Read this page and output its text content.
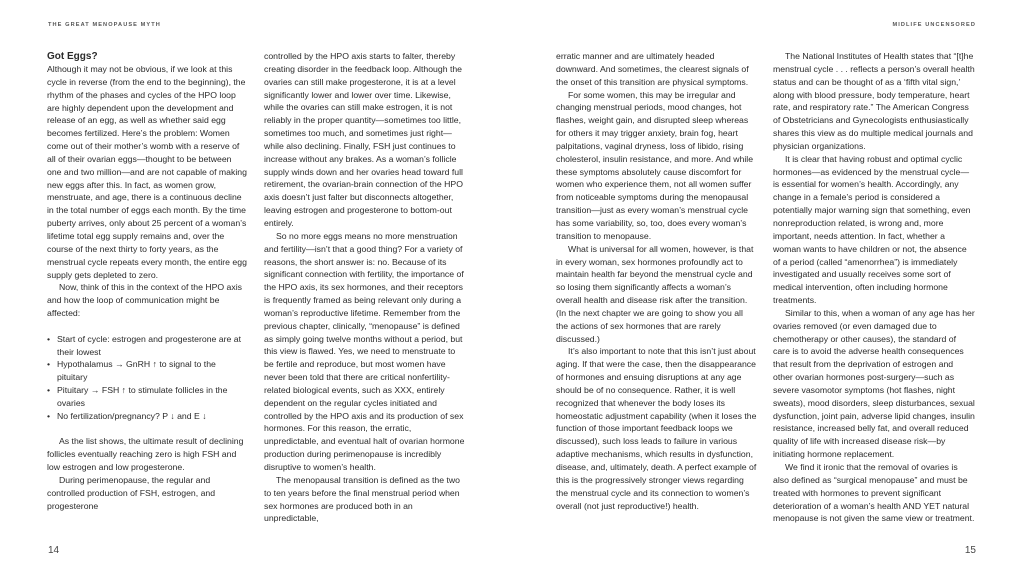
THE GREAT MENOPAUSE MYTH	MIDLIFE UNCENSORED

Got Eggs?

Although it may not be obvious, if we look at this cycle in reverse (from the end to the beginning), the rhythm of the phases and cycles of the HPO loop are highly dependent upon the development and release of an egg, as well as whether said egg becomes fertilized. Here’s the problem: Women come out of their mother’s womb with a reserve of all of their ovarian eggs—thought to be between one and two million—and are not capable of making new eggs after this. In fact, as women grow, menstruate, and age, there is a continuous decline in the total number of eggs each month. By the time puberty arrives, only about 25 percent of a woman’s lifetime total egg supply remains and, over the course of the next thirty to forty years, as the menstrual cycle repeats every month, the entire egg supply gets depleted to zero.

Now, think of this in the context of the HPO axis and how the loop of communication might be affected:

• Start of cycle: estrogen and progesterone are at their lowest
• Hypothalamus → GnRH ↑ to signal to the pituitary
• Pituitary → FSH ↑ to stimulate follicles in the ovaries
• No fertilization/pregnancy? P ↓ and E ↓

As the list shows, the ultimate result of declining follicles eventually reaching zero is high FSH and low estrogen and low progesterone.

During perimenopause, the regular and controlled production of FSH, estrogen, and progesterone

controlled by the HPO axis starts to falter, thereby creating disorder in the feedback loop. Although the ovaries can still make progesterone, it is at a level significantly lower and lower over time. Likewise, while the ovaries can still make estrogen, it is not reliably in the proper quantity—sometimes too little, sometimes too much, and sometimes just right—while also declining. Finally, FSH just continues to increase without any brakes. As a woman’s follicle supply winds down and her ovaries head toward full retirement, the ovarian-brain connection of the HPO axis doesn’t just falter but disconnects altogether, leaving estrogen and progesterone to bottom-out entirely.

So no more eggs means no more menstruation and fertility—isn’t that a good thing? For a variety of reasons, the short answer is: no. Because of its significant connection with fertility, the importance of the HPO axis, its sex hormones, and their receptors is frequently framed as being relevant only during a woman’s reproductive lifetime. Remember from the previous chapter, clinically, “menopause” is defined as simply going twelve months without a period, but this view is flawed. Yes, we need to menstruate to be fertile and reproduce, but most women have never been told that there are critical nonfertility-related biological events, such as XXX, entirely dependent on the regular cycles initiated and controlled by the HPO axis and its production of sex hormones. For this reason, the erratic, unpredictable, and eventual halt of ovarian hormone production during perimenopause is incredibly disruptive to women’s health.

The menopausal transition is defined as the two to ten years before the final menstrual period when sex hormones are produced both in an unpredictable,

erratic manner and are ultimately headed downward. And sometimes, the clearest signals of the onset of this transition are physical symptoms.

For some women, this may be irregular and changing menstrual periods, mood changes, hot flashes, weight gain, and disrupted sleep whereas for others it may trigger anxiety, brain fog, heart palpitations, vaginal dryness, loss of libido, rising cholesterol, insulin resistance, and more. And while these symptoms absolutely cause discomfort for women who experience them, not all women suffer from noticeable symptoms during the menopausal transition—just as every woman’s menstrual cycle has some variability, so, too, does every woman’s transition to menopause.

What is universal for all women, however, is that in every woman, sex hormones profoundly act to maintain health far beyond the menstrual cycle and so losing them significantly affects a woman’s overall health and disease risk after the transition. (In the next chapter we are going to show you all the actions of sex hormones that are rarely discussed.)

It’s also important to note that this isn’t just about aging. If that were the case, then the disappearance of hormones and ensuing disruptions at any age should be of no consequence. Rather, it is well recognized that whenever the body loses its homeostatic adjustment capability (when it loses the function of those important feedback loops we discussed), such loss leads to failure in various adaptive mechanisms, which results in dysfunction, disease, and, ultimately, death. A perfect example of this is the progressively stronger views regarding the menstrual cycle and its connection to women’s overall (not just reproductive!) health.

The National Institutes of Health states that “[t]he menstrual cycle . . . reflects a person’s overall health status and can be thought of as a ‘fifth vital sign,’ along with blood pressure, body temperature, heart rate, and respiratory rate.” The American Congress of Obstetricians and Gynecologists enthusiastically shares this view as do multiple medical journals and physician organizations.

It is clear that having robust and optimal cyclic hormones—as evidenced by the menstrual cycle—is essential for women’s health. Accordingly, any change in a female’s period is considered a potentially major warning sign that something, even nonreproduction related, is wrong and, more important, needs attention. In fact, whether a woman wants to have children or not, the absence of a period (called “amenorrhea”) is immediately investigated and usually receives some sort of medical intervention, often including hormone treatments.

Similar to this, when a woman of any age has her ovaries removed (or even damaged due to chemotherapy or other causes), the standard of care is to avoid the adverse health consequences that result from the deprivation of estrogen and other ovarian hormones post-surgery—such as severe vasomotor symptoms (hot flashes, night sweats), mood disorders, sleep disturbances, sexual dysfunction, joint pain, adverse lipid changes, insulin resistance, increased belly fat, and overall reduced quality of life with increased disease risk—by initiating hormone replacement.

We find it ironic that the removal of ovaries is also defined as “surgical menopause” and must be treated with hormones to prevent significant deterioration of a woman’s health AND YET natural menopause is not given the same view or treatment.

14	15
